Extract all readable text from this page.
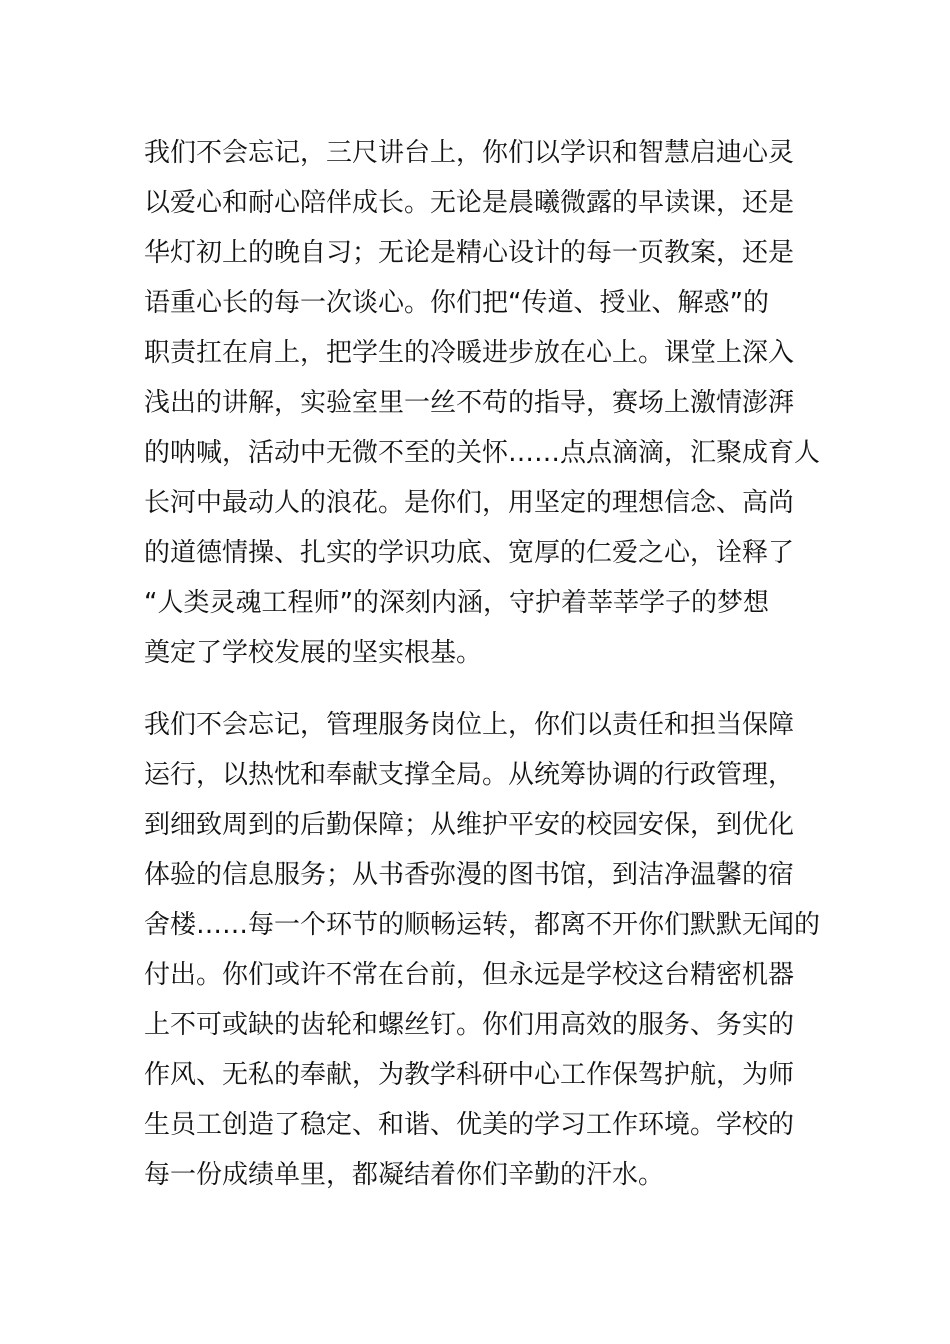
我们不会忘记，三尺讲台上，你们以学识和智慧启迪心灵
以爱心和耐心陪伴成长。无论是晨曦微露的早读课，还是
华灯初上的晚自习；无论是精心设计的每一页教案，还是
语重心长的每一次谈心。你们把“传道、授业、解惑”的
职责扛在肩上，把学生的冷暖进步放在心上。课堂上深入
浅出的讲解，实验室里一丝不苟的指导，赛场上激情澎湃
的呐喊，活动中无微不至的关怀……点点滴滴，汇聚成育人
长河中最动人的浪花。是你们，用坚定的理想信念、高尚
的道德情操、扎实的学识功底、宽厚的仁爱之心，诠释了
“人类灵魂工程师”的深刻内涵，守护着莘莘学子的梦想
奠定了学校发展的坚实根基。
我们不会忘记，管理服务岗位上，你们以责任和担当保障
运行，以热忱和奉献支撑全局。从统筹协调的行政管理，
到细致周到的后勤保障；从维护平安的校园安保，到优化
体验的信息服务；从书香弥漫的图书馆，到洁净温馨的宿
舍楼……每一个环节的顺畅运转，都离不开你们默默无闻的
付出。你们或许不常在台前，但永远是学校这台精密机器
上不可或缺的齿轮和螺丝钉。你们用高效的服务、务实的
作风、无私的奉献，为教学科研中心工作保驾护航，为师
生员工创造了稳定、和谐、优美的学习工作环境。学校的
每一份成绩单里，都凝结着你们辛勤的汗水。
